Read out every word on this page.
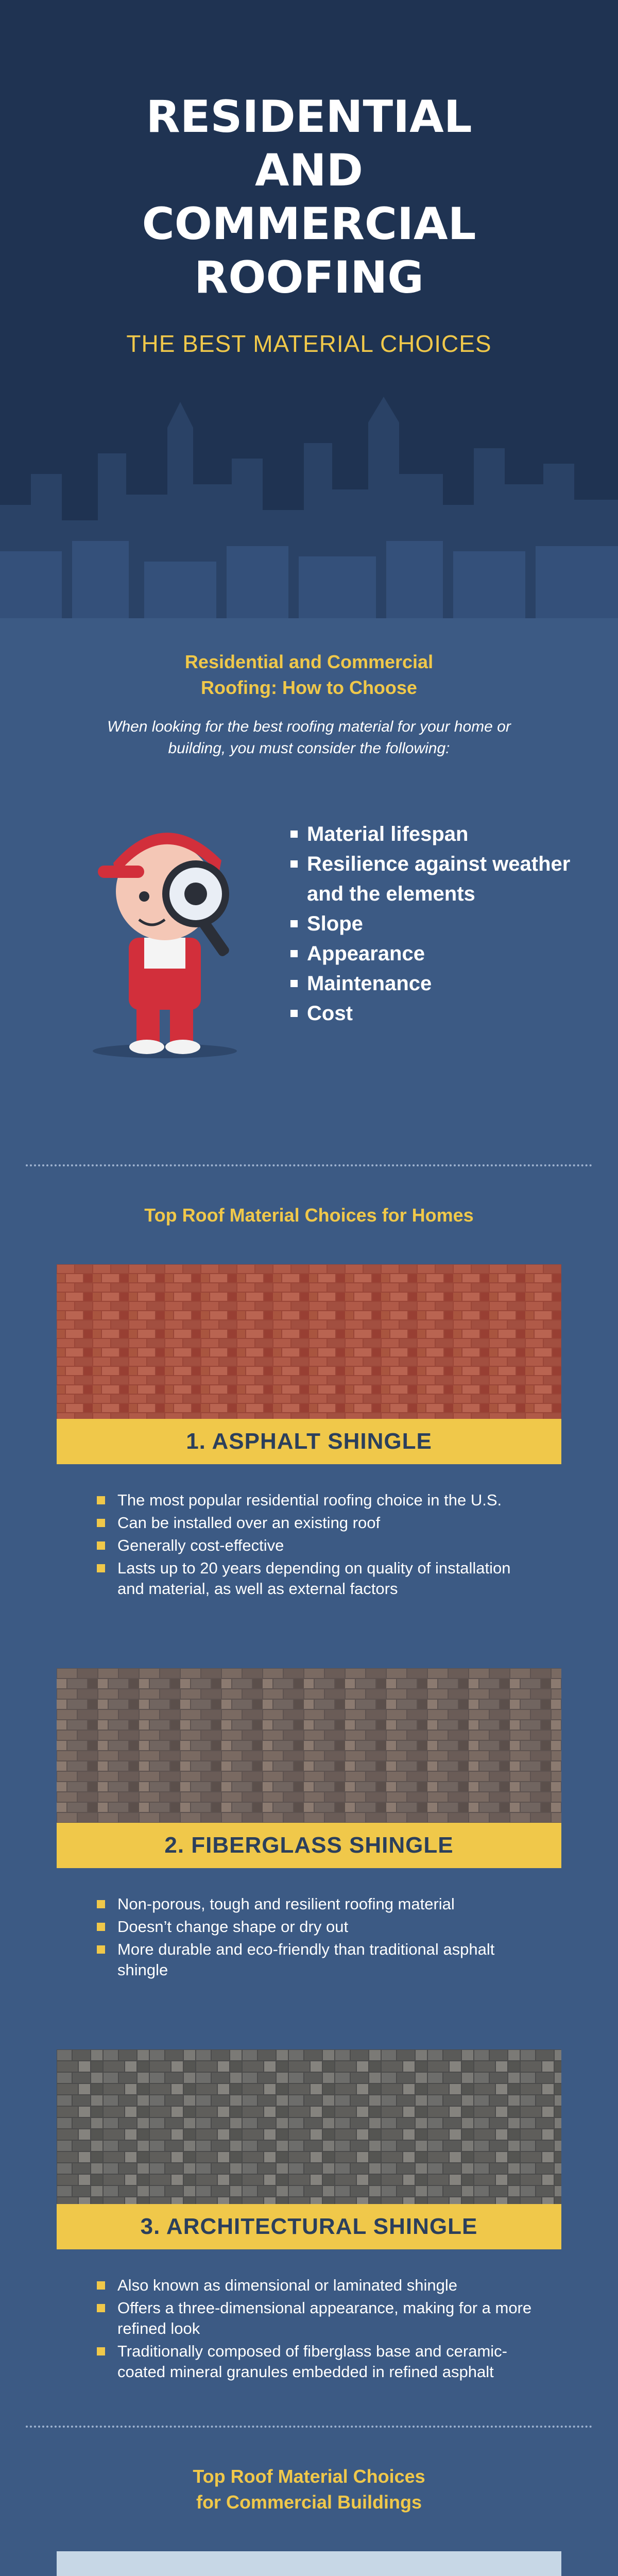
RESIDENTIAL
AND
COMMERCIAL
ROOFING
THE BEST MATERIAL CHOICES
Residential and Commercial
Roofing: How to Choose

When looking for the best roofing material for your home or building, you must consider the following:

Material lifespan
Resilience against weather and the elements
Slope
Appearance
Maintenance
Cost
Top Roof Material Choices for Homes
1. ASPHALT SHINGLE
The most popular residential roofing choice in the U.S.
Can be installed over an existing roof
Generally cost-effective
Lasts up to 20 years depending on quality of installation and material, as well as external factors
2. FIBERGLASS SHINGLE
Non-porous, tough and resilient roofing material
Doesn’t change shape or dry out
More durable and eco-friendly than traditional asphalt shingle
3. ARCHITECTURAL SHINGLE
Also known as dimensional or laminated shingle
Offers a three-dimensional appearance, making for a more refined look
Traditionally composed of fiberglass base and ceramic-coated mineral granules embedded in refined asphalt
Top Roof Material Choices
for Commercial Buildings
